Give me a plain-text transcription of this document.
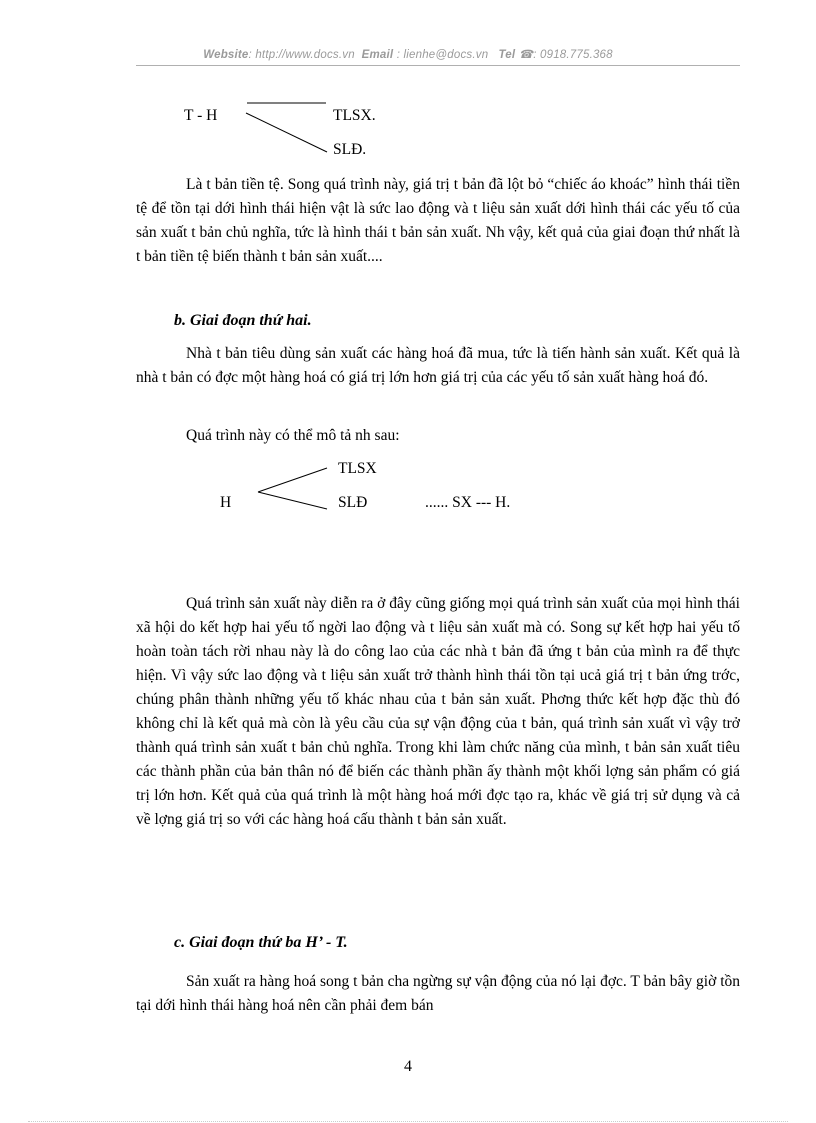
Website: http://www.docs.vn Email : lienhe@docs.vn Tel ☎: 0918.775.368
T - H	TLSX.
SLĐ.

Là t bản tiền tệ. Song quá trình này, giá trị t bản đã lột bỏ “chiếc áo khoác” hình thái tiền tệ để tồn tại dới hình thái hiện vật là sức lao động và t liệu sản xuất dới hình thái các yếu tố của sản xuất t bản chủ nghĩa, tức là hình thái t bản sản xuất. Nh vậy, kết quả của giai đoạn thứ nhất là t bản tiền tệ biến thành t bản sản xuất....

b. Giai đoạn thứ hai.

Nhà t bản tiêu dùng sản xuất các hàng hoá đã mua, tức là tiến hành sản xuất. Kết quả là nhà t bản có đợc một hàng hoá có giá trị lớn hơn giá trị của các yếu tố sản xuất hàng hoá đó.

Quá trình này có thể mô tả nh sau:

Quá trình sản xuất này diễn ra ở đây cũng giống mọi quá trình sản xuất của mọi hình thái xã hội do kết hợp hai yếu tố ngời lao động và t liệu sản xuất mà có. Song sự kết hợp hai yếu tố hoàn toàn tách rời nhau này là do công lao của các nhà t bản đã ứng t bản của mình ra để thực hiện. Vì vậy sức lao động và t liệu sản xuất trở thành hình thái tồn tại ucả giá trị t bản ứng trớc, chúng phân thành những yếu tố khác nhau của t bản sản xuất. Phơng thức kết hợp đặc thù đó không chỉ là kết quả mà còn là yêu cầu của sự vận động của t bản, quá trình sản xuất vì vậy trở thành quá trình sản xuất t bản chủ nghĩa. Trong khi làm chức năng của mình, t bản sản xuất tiêu các thành phần của bản thân nó để biến các thành phần ấy thành một khối lợng sản phẩm có giá trị lớn hơn. Kết quả của quá trình là một hàng hoá mới đợc tạo ra, khác về giá trị sử dụng và cả về lợng giá trị so với các hàng hoá cấu thành t bản sản xuất.

c. Giai đoạn thứ ba H’ - T.

Sản xuất ra hàng hoá song t bản cha ngừng sự vận động của nó lại đợc. T bản bây giờ tồn tại dới hình thái hàng hoá nên cần phải đem bán

H
TLSX
SLĐ	...... SX --- H.
4
